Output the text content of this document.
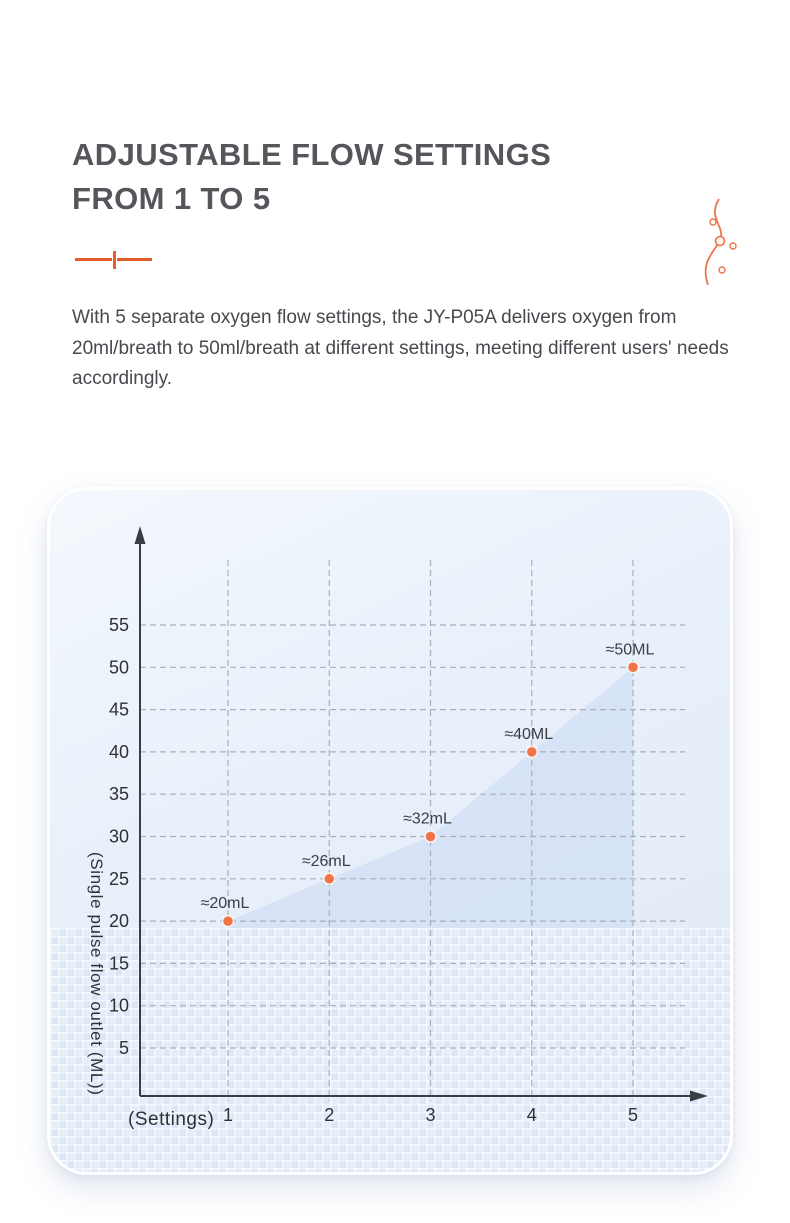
ADJUSTABLE FLOW SETTINGS
FROM 1 TO 5

With 5 separate oxygen flow settings, the JY-P05A delivers oxygen from 20ml/breath to 50ml/breath at different settings, meeting different users' needs accordingly.

5
10
15
20
25
30
35
40
45
50
55
1	2	3	4	5
≈20mL
≈26mL
≈32mL
≈40ML
≈50ML
(Single pulse flow outlet (ML))
(Settings)
